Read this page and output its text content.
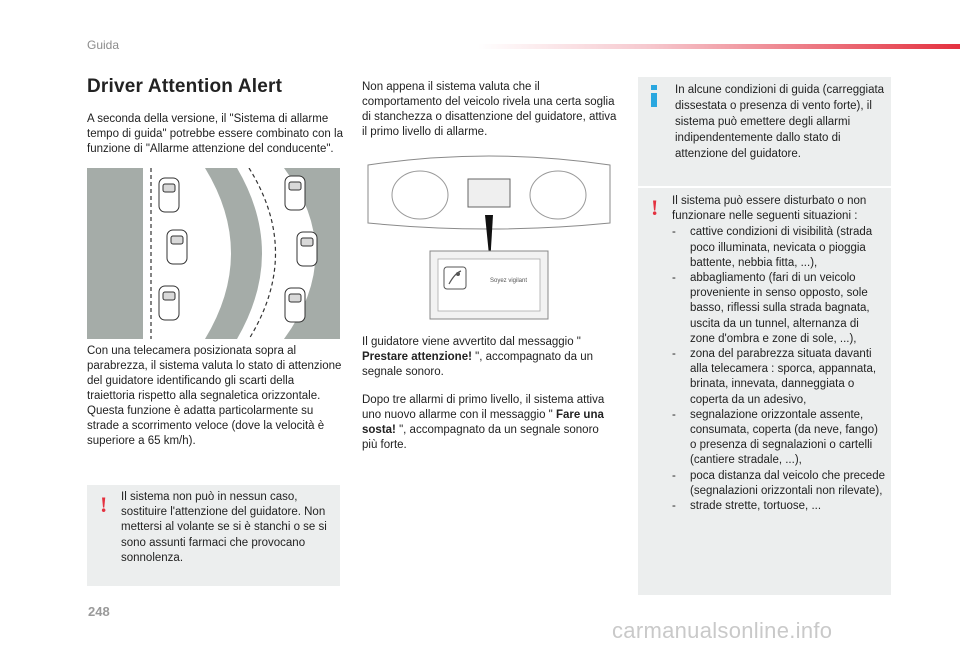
Guida
Driver Attention Alert

A seconda della versione, il "Sistema di allarme tempo di guida" potrebbe essere combinato con la funzione di "Allarme attenzione del conducente".

Con una telecamera posizionata sopra al parabrezza, il sistema valuta lo stato di attenzione del guidatore identificando gli scarti della traiettoria rispetto alla segnaletica orizzontale.

Questa funzione è adatta particolarmente su strade a scorrimento veloce (dove la velocità è superiore a 65 km/h).

! Il sistema non può in nessun caso, sostituire l'attenzione del guidatore. Non mettersi al volante se si è stanchi o se si sono assunti farmaci che provocano sonnolenza.

Non appena il sistema valuta che il comportamento del veicolo rivela una certa soglia di stanchezza o disattenzione del guidatore, attiva il primo livello di allarme.

Soyez vigilant

Il guidatore viene avvertito dal messaggio " Prestare attenzione! ", accompagnato da un segnale sonoro.

Dopo tre allarmi di primo livello, il sistema attiva uno nuovo allarme con il messaggio " Fare una sosta! ", accompagnato da un segnale sonoro più forte.

In alcune condizioni di guida (carreggiata dissestata o presenza di vento forte), il sistema può emettere degli allarmi indipendentemente dallo stato di attenzione del guidatore.

! Il sistema può essere disturbato o non funzionare nelle seguenti situazioni :

- cattive condizioni di visibilità (strada poco illuminata, nevicata o pioggia battente, nebbia fitta, ...),
- abbagliamento (fari di un veicolo proveniente in senso opposto, sole basso, riflessi sulla strada bagnata, uscita da un tunnel, alternanza di zone d'ombra e zone di sole, ...),
- zona del parabrezza situata davanti alla telecamera : sporca, appannata, brinata, innevata, danneggiata o coperta da un adesivo,
- segnalazione orizzontale assente, consumata, coperta (da neve, fango) o presenza di segnalazioni o cartelli (cantiere stradale, ...),
- poca distanza dal veicolo che precede (segnalazioni orizzontali non rilevate),
- strade strette, tortuose, ...
248
carmanualsonline.info
